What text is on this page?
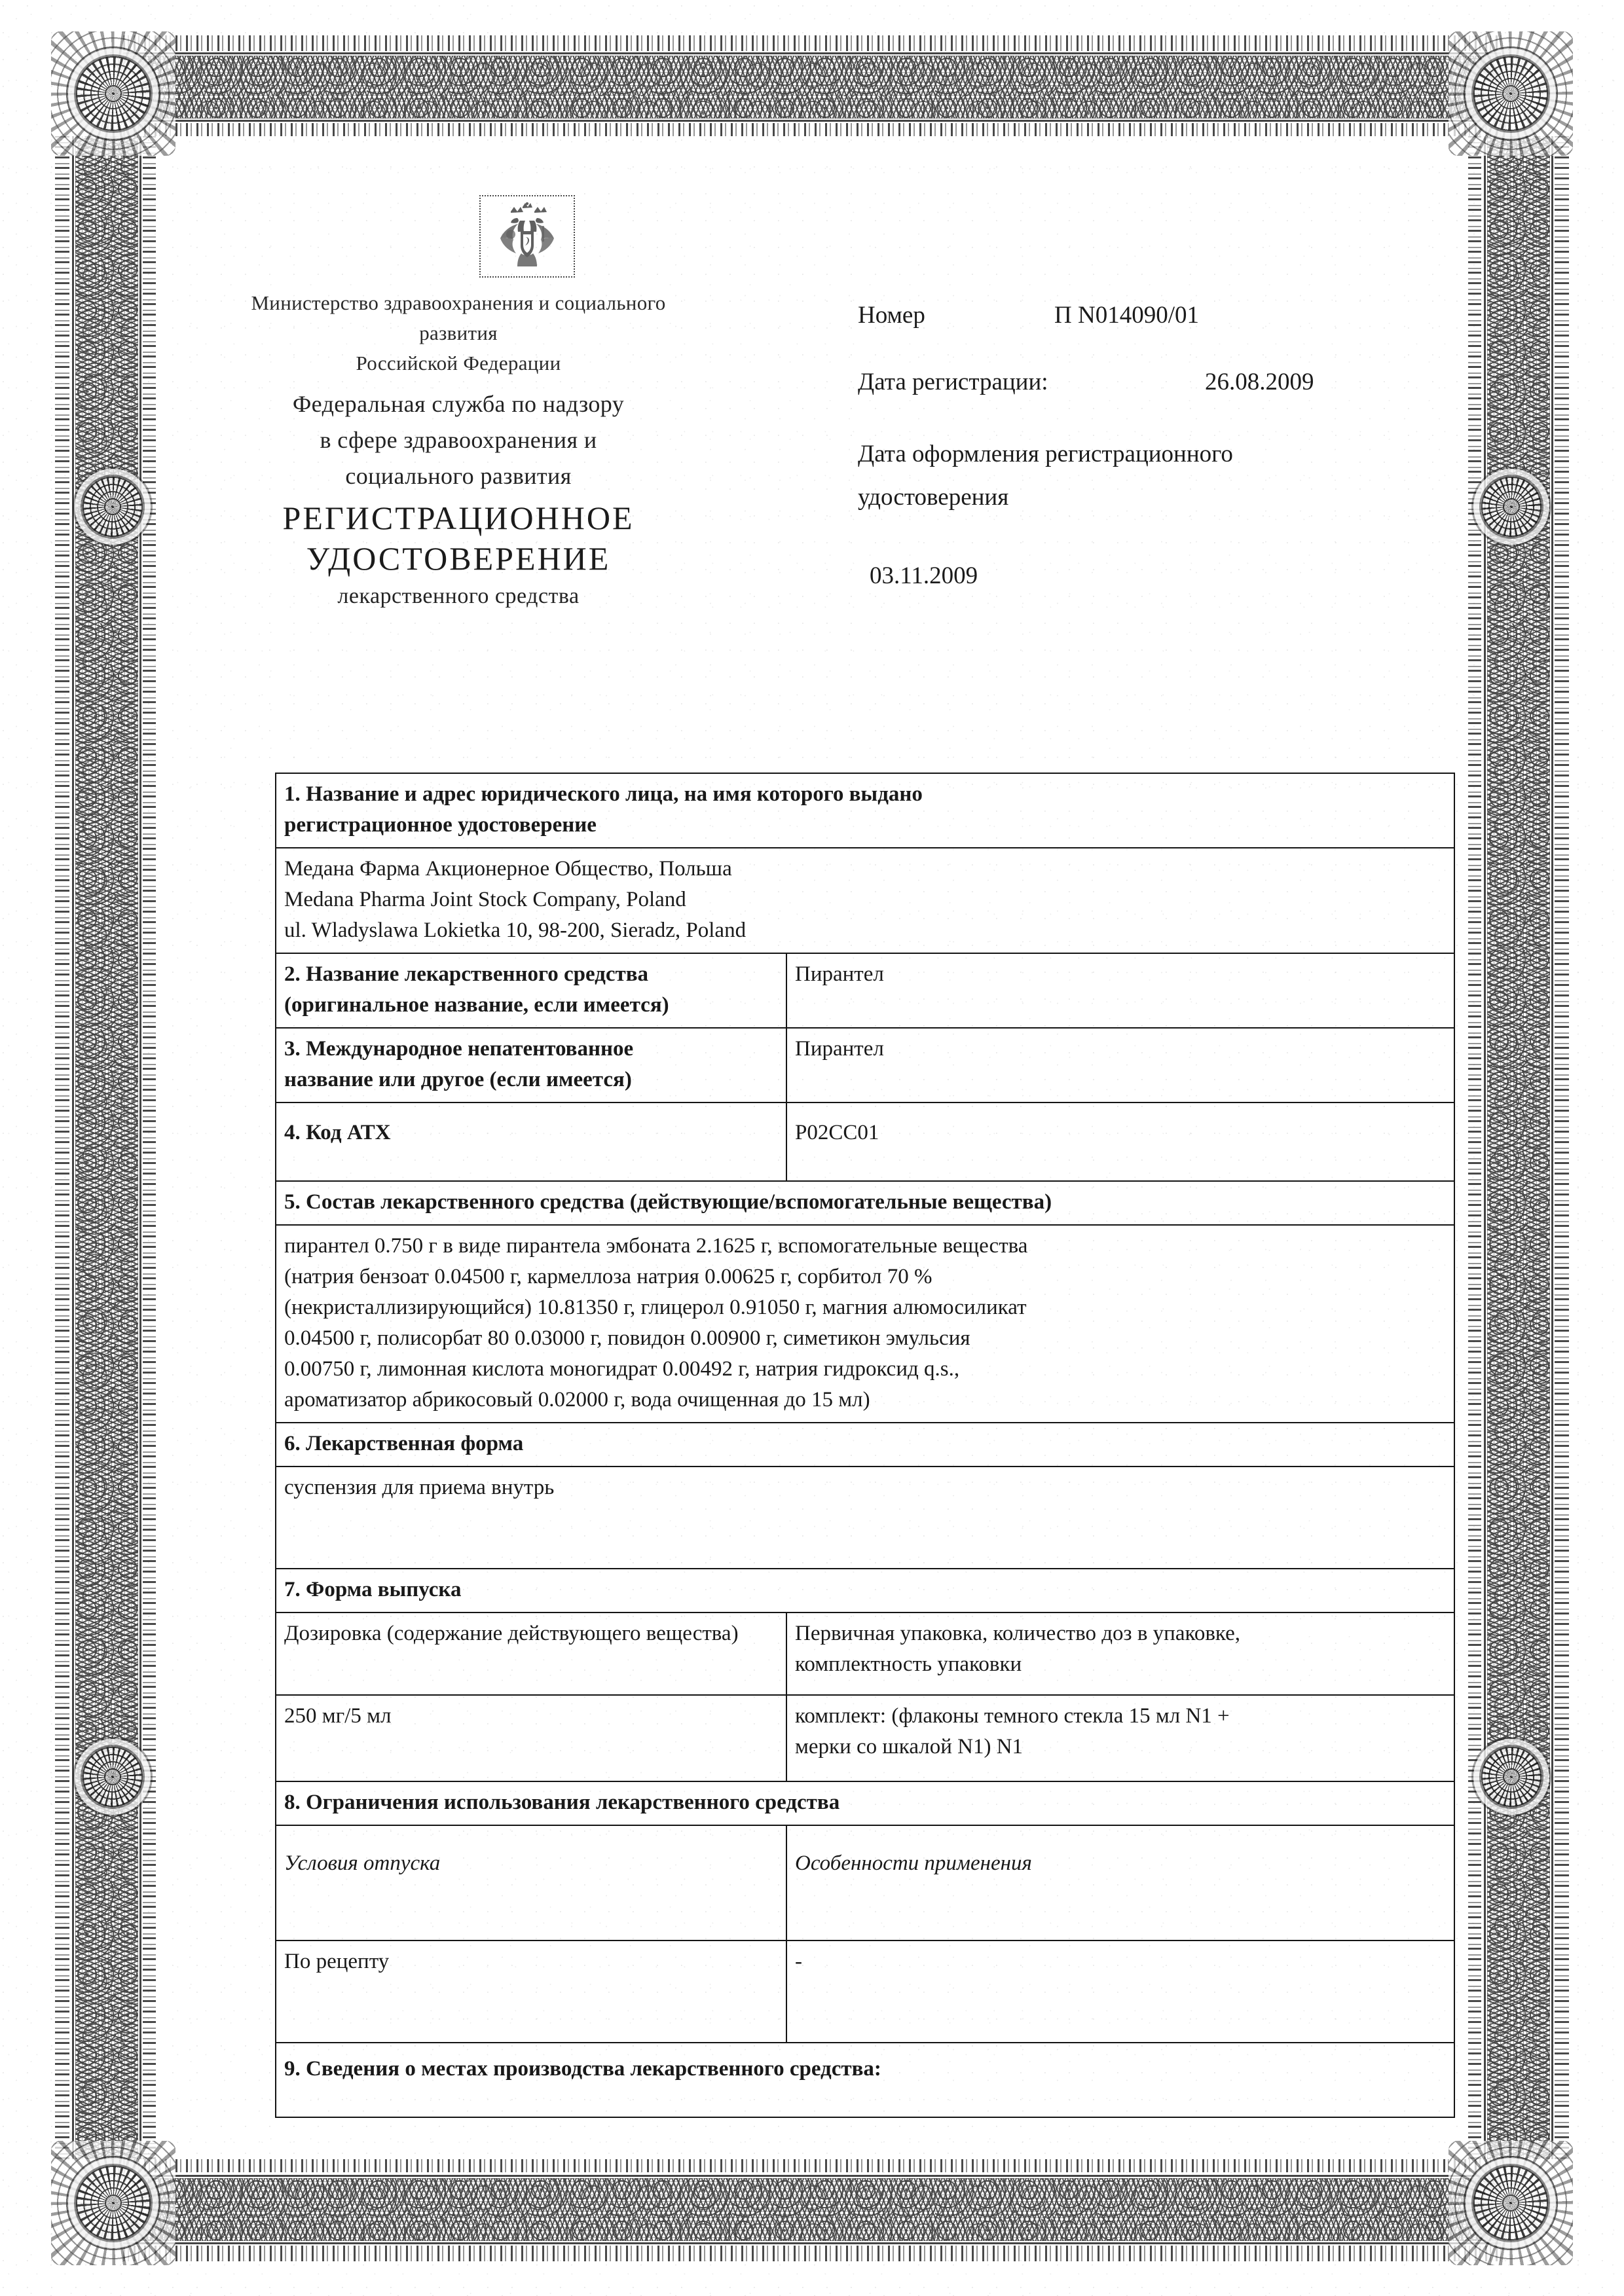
Министерство здравоохранения и социального
развития
Российской Федерации
Федеральная служба по надзору
в сфере здравоохранения и
социального развития
РЕГИСТРАЦИОННОЕ
УДОСТОВЕРЕНИЕ
лекарственного средства
Номер	П N014090/01
Дата регистрации:	26.08.2009
Дата оформления регистрационного
удостоверения
03.11.2009
1. Название и адрес юридического лица, на имя которого выдано
регистрационное удостоверение	

Медана Фарма Акционерное Общество, Польша
Medana Pharma Joint Stock Company, Poland
ul. Wladyslawa Lokietka 10, 98-200, Sieradz, Poland	

2. Название лекарственного средства
(оригинальное название, если имеется)	Пирантел

3. Международное непатентованное
название или другое (если имеется)	Пирантел
4. Код АТХ	P02CC01
5. Состав лекарственного средства (действующие/вспомогательные вещества)	

пирантел 0.750 г в виде пирантела эмбоната 2.1625 г, вспомогательные вещества
(натрия бензоат 0.04500 г, кармеллоза натрия 0.00625 г, сорбитол 70 %
(некристаллизирующийся) 10.81350 г, глицерол 0.91050 г, магния алюмосиликат
0.04500 г, полисорбат 80 0.03000 г, повидон 0.00900 г, симетикон эмульсия
0.00750 г, лимонная кислота моногидрат 0.00492 г, натрия гидроксид q.s.,
ароматизатор абрикосовый 0.02000 г, вода очищенная до 15 мл)

6. Лекарственная форма	
суспензия для приема внутрь	
7. Форма выпуска	
Дозировка (содержание действующего вещества)	Первичная упаковка, количество доз в упаковке,
комплектность упаковки

250 мг/5 мл	комплект: (флаконы темного стекла 15 мл N1 +
мерки со шкалой N1) N1

8. Ограничения использования лекарственного средства	
Условия отпуска	Особенности применения
По рецепту	-
9. Сведения о местах производства лекарственного средства:	
